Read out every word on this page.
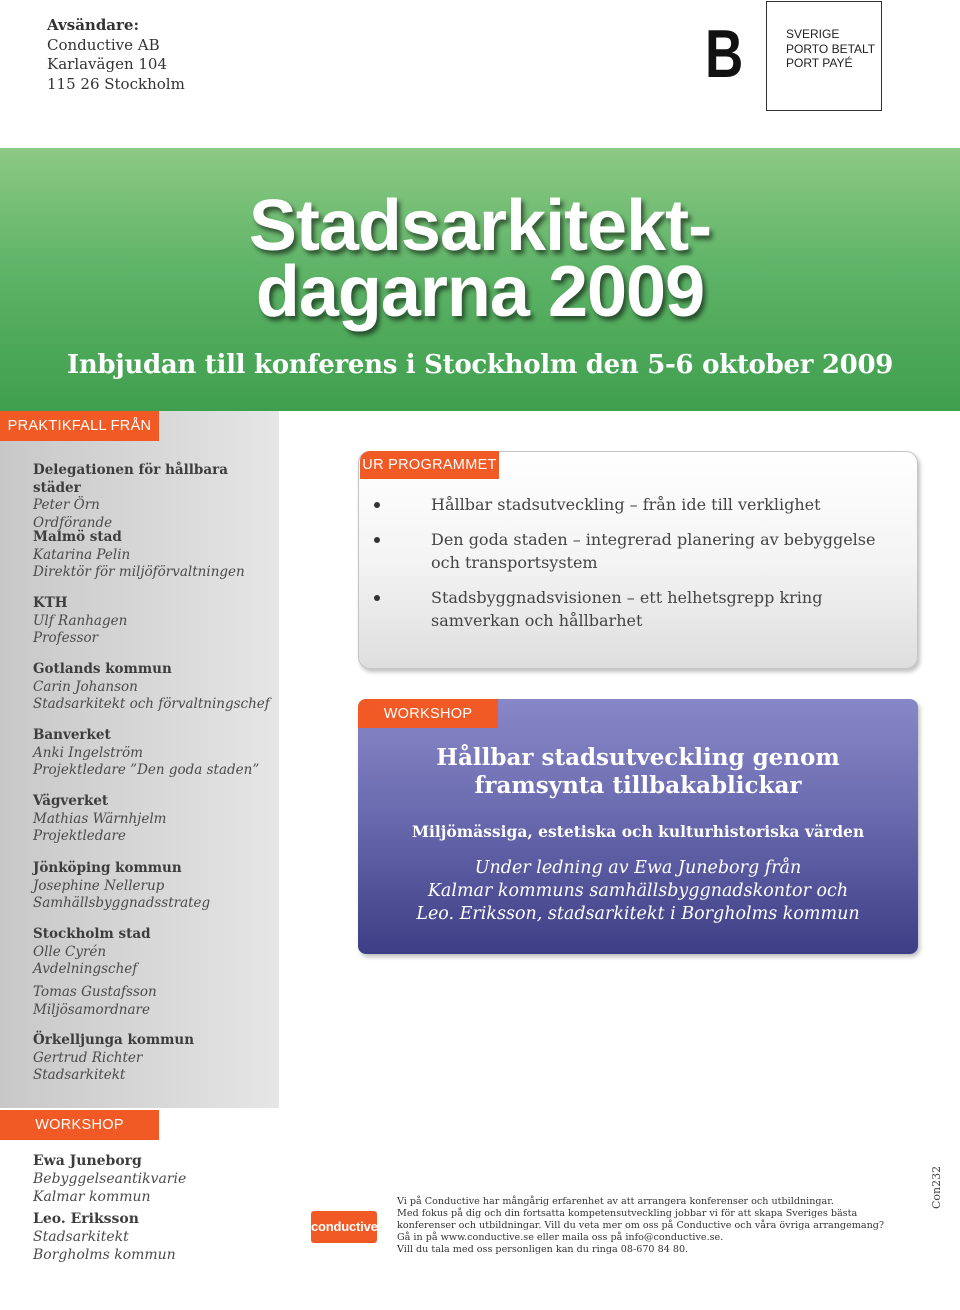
Avsändare:
Conductive AB
Karlavägen 104
115 26 Stockholm	B	SVERIGE
PORTO BETALT
PORT PAYÉ
Stadsarkitekt-
dagarna 2009
Inbjudan till konferens i Stockholm den 5-6 oktober 2009
PRAKTIKFALL FRÅN
Delegationen för hållbara städer
Peter Örn
Ordförande
Malmö stad
Katarina Pelin
Direktör för miljöförvaltningen
KTH
Ulf Ranhagen
Professor
Gotlands kommun
Carin Johanson
Stadsarkitekt och förvaltningschef
Banverket
Anki Ingelström
Projektledare ”Den goda staden”
Vägverket
Mathias Wärnhjelm
Projektledare
Jönköping kommun
Josephine Nellerup
Samhällsbyggnadsstrateg
Stockholm stad
Olle Cyrén
Avdelningschef
Tomas Gustafsson
Miljösamordnare
Örkelljunga kommun
Gertrud Richter
Stadsarkitekt
UR PROGRAMMET
Hållbar stadsutveckling – från ide till verklighet
Den goda staden – integrerad planering av bebyggelse
och transportsystem
Stadsbyggnadsvisionen – ett helhetsgrepp kring
samverkan och hållbarhet
WORKSHOP
Hållbar stadsutveckling genom
framsynta tillbakablickar
Miljömässiga, estetiska och kulturhistoriska värden
Under ledning av Ewa Juneborg från
Kalmar kommuns samhällsbyggnadskontor och
Leo. Eriksson, stadsarkitekt i Borgholms kommun
WORKSHOP
Ewa Juneborg
Bebyggelseantikvarie
Kalmar kommun
Leo. Eriksson
Stadsarkitekt
Borgholms kommun
conductive
Vi på Conductive har mångårig erfarenhet av att arrangera konferenser och utbildningar.
Med fokus på dig och din fortsatta kompetensutveckling jobbar vi för att skapa Sveriges bästa
konferenser och utbildningar. Vill du veta mer om oss på Conductive och våra övriga arrangemang?
Gå in på www.conductive.se eller maila oss på info@conductive.se.
Vill du tala med oss personligen kan du ringa 08-670 84 80.
Con232
